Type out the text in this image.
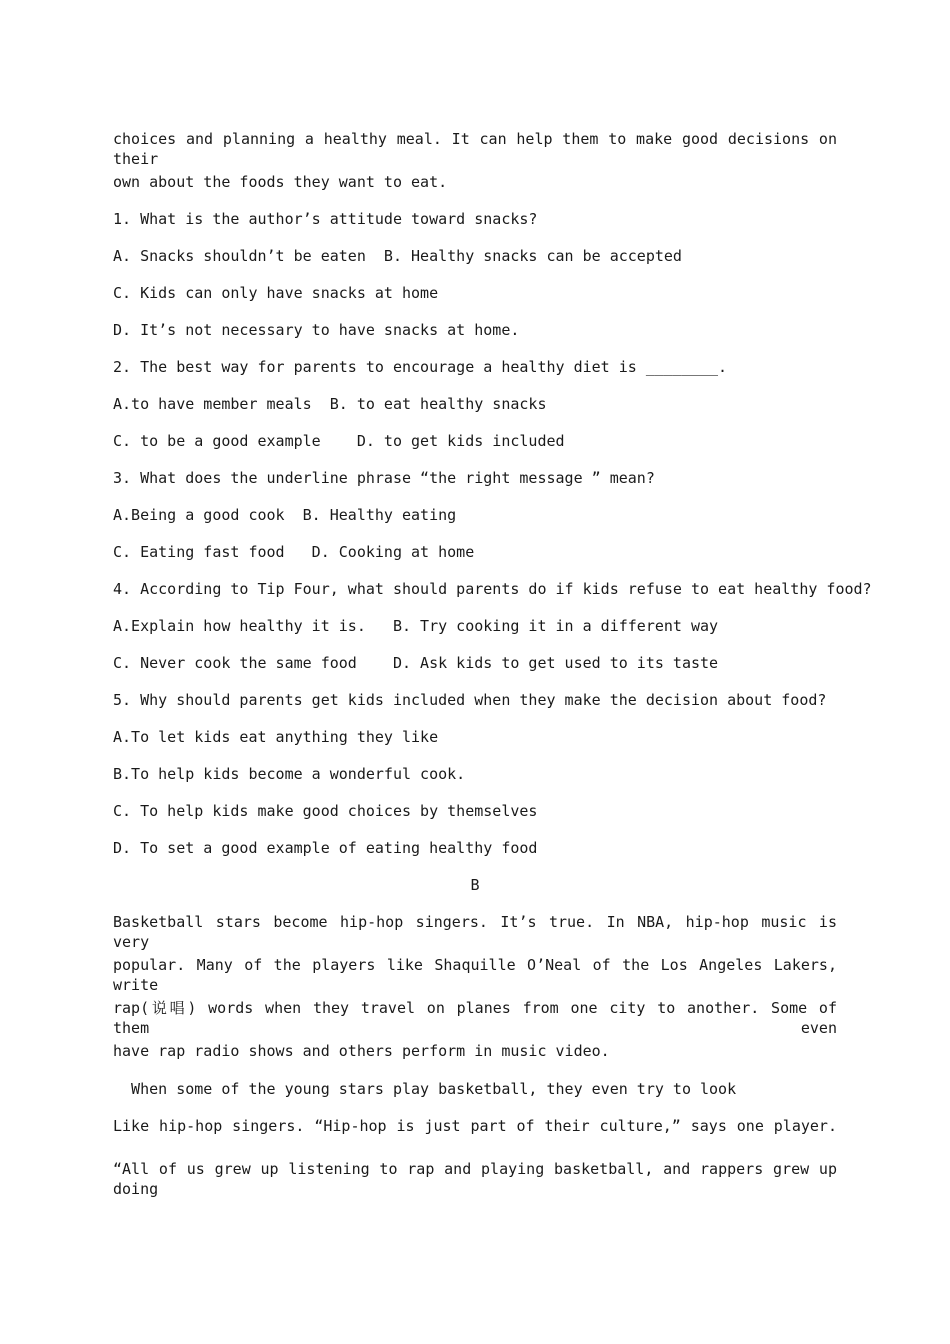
choices and planning a healthy meal. It can help them to make good decisions on their
own about the foods they want to eat.
1. What is the author’s attitude toward snacks?
A. Snacks shouldn’t be eaten  B. Healthy snacks can be accepted
C. Kids can only have snacks at home
D. It’s not necessary to have snacks at home.
2. The best way for parents to encourage a healthy diet is ________.
A.to have member meals  B. to eat healthy snacks
C. to be a good example    D. to get kids included
3. What does the underline phrase “the right message ” mean?
A.Being a good cook  B. Healthy eating
C. Eating fast food   D. Cooking at home
4. According to Tip Four, what should parents do if kids refuse to eat healthy food?
A.Explain how healthy it is.   B. Try cooking it in a different way
C. Never cook the same food    D. Ask kids to get used to its taste
5. Why should parents get kids included when they make the decision about food?
A.To let kids eat anything they like
B.To help kids become a wonderful cook.
C. To help kids make good choices by themselves
D. To set a good example of eating healthy food
B
Basketball stars become hip-hop singers. It’s true. In NBA, hip-hop music is very
popular. Many of the players like Shaquille O’Neal of the Los Angeles Lakers, write
rap(说唱) words when they travel on planes from one city to another. Some of them even
have rap radio shows and others perform in music video.
When some of the young stars play basketball, they even try to look
Like hip-hop singers. “Hip-hop is just part of their culture,” says one player.
“All of us grew up listening to rap and playing basketball, and rappers grew up doing
